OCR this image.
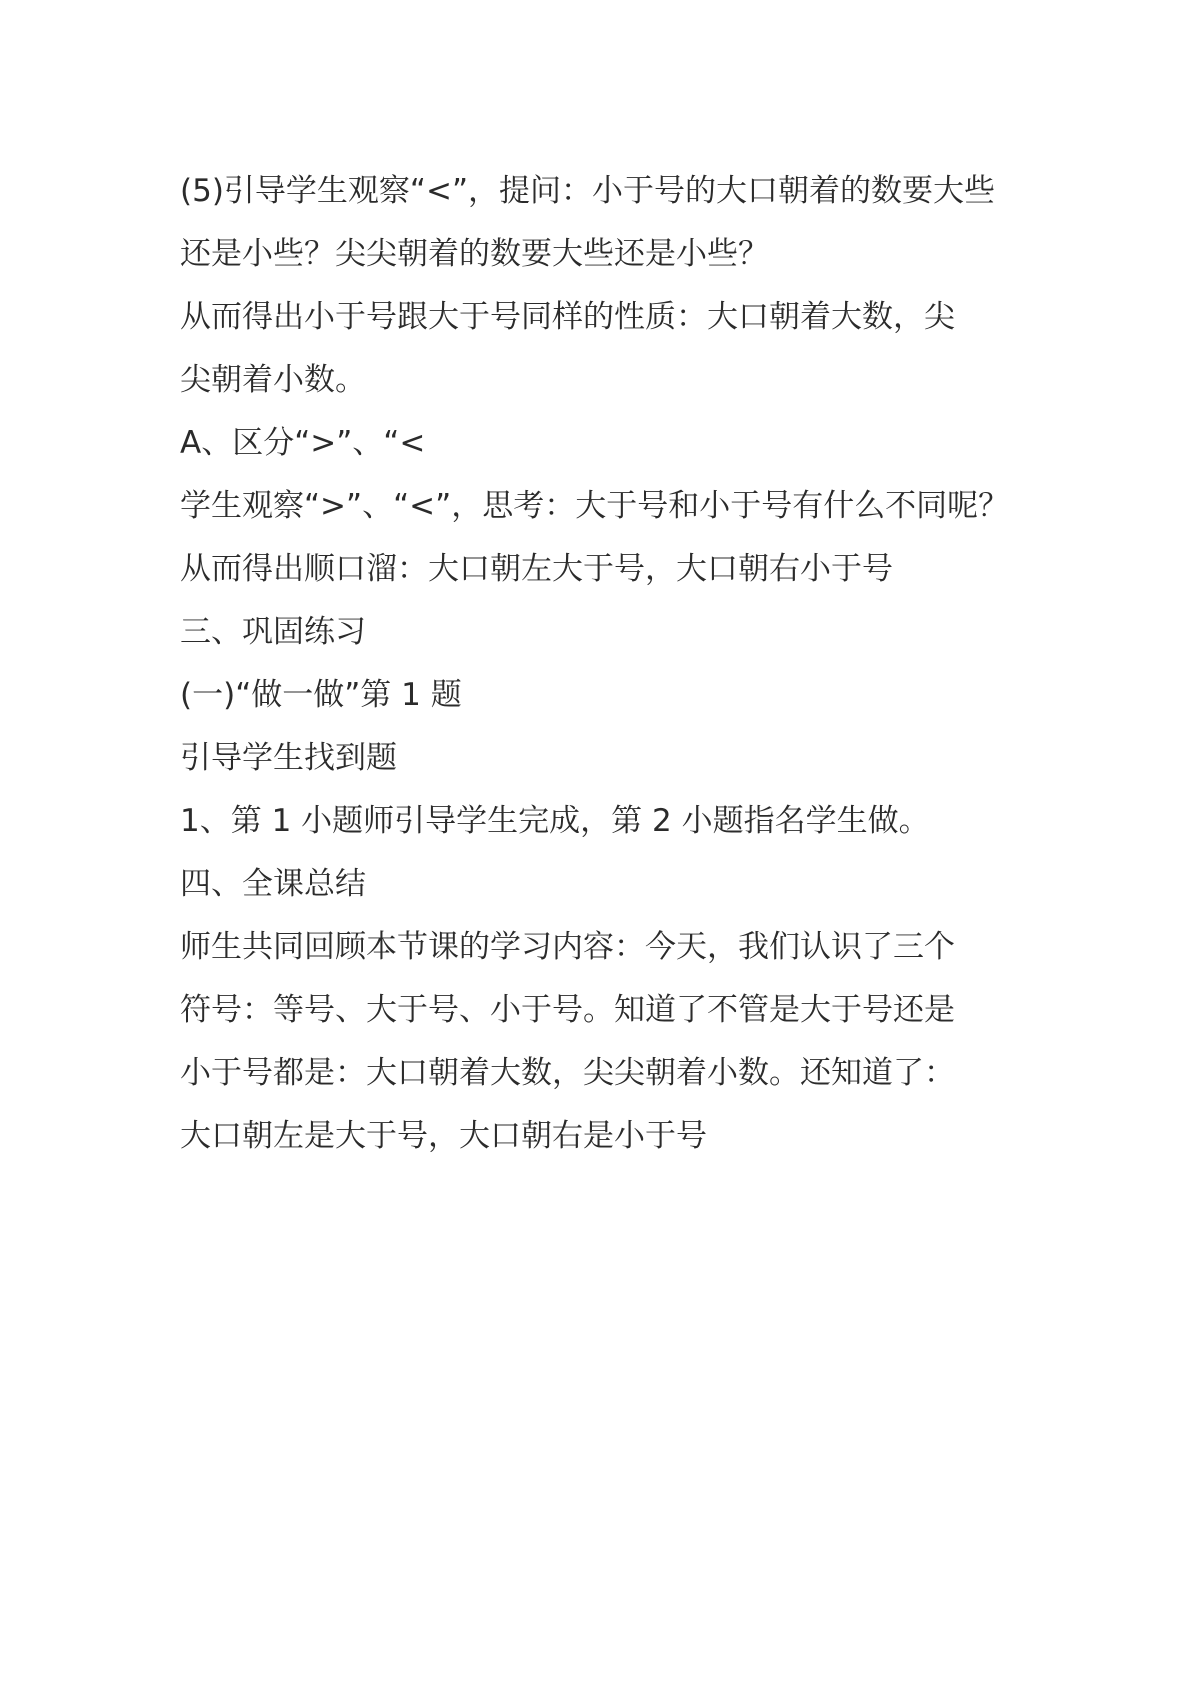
(5)引导学生观察“<”，提问：小于号的大口朝着的数要大些
还是小些？尖尖朝着的数要大些还是小些？
从而得出小于号跟大于号同样的性质：大口朝着大数，尖
尖朝着小数。
A、区分“>”、“<
学生观察“>”、“<”，思考：大于号和小于号有什么不同呢？
从而得出顺口溜：大口朝左大于号，大口朝右小于号
三、巩固练习
(一)“做一做”第 1 题
引导学生找到题
1、第 1 小题师引导学生完成，第 2 小题指名学生做。
四、全课总结
师生共同回顾本节课的学习内容：今天，我们认识了三个
符号：等号、大于号、小于号。知道了不管是大于号还是
小于号都是：大口朝着大数，尖尖朝着小数。还知道了：
大口朝左是大于号，大口朝右是小于号
